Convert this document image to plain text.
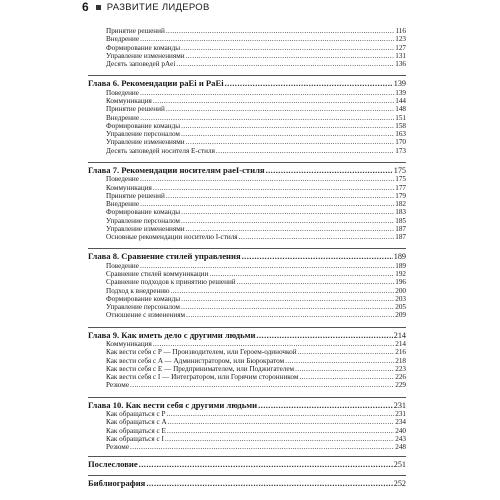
6 РАЗВИТИЕ ЛИДЕРОВ
Принятие решений .....	116
Внедрение .....	123
Формирование команды .....	127
Управление изменениями .....	131
Десять заповедей pAei .....	136
Глава 6. Рекомендации paEi и PaEi .....	139
Поведение .....	139
Коммуникация .....	144
Принятие решений .....	148
Внедрение .....	151
Формирование команды .....	158
Управление персоналом .....	163
Управление изменениями .....	170
Десять заповедей носителя E-стиля .....	173
Глава 7. Рекомендации носителям paeI-стиля .....	175
Поведение .....	175
Коммуникация .....	177
Принятие решений .....	179
Внедрение .....	182
Формирование команды .....	183
Управление персоналом .....	185
Управление изменениями .....	187
Основные рекомендации носителю I-стиля .....	187
Глава 8. Сравнение стилей управления .....	189
Поведение .....	189
Сравнение стилей коммуникации .....	192
Сравнение подходов к принятию решений .....	196
Подход к внедрению .....	200
Формирование команды .....	203
Управление персоналом .....	205
Отношение с изменениям .....	209
Глава 9. Как иметь дело с другими людьми .....	214
Коммуникация .....	214
Как вести себя с P — Производителем, или Героем-одиночкой .....	216
Как вести себя с A — Администратором, или Бюрократом .....	218
Как вести себя с E — Предпринимателем, или Поджигателем .....	223
Как вести себя с I — Интегратором, или Горячим сторонником .....	226
Резюме .....	229
Глава 10. Как вести себя с другими людьми .....	231
Как обращаться с P .....	231
Как обращаться с A .....	234
Как обращаться с E .....	240
Как обращаться с I .....	243
Резюме .....	248
Послесловие .....	251
Библиография .....	252
